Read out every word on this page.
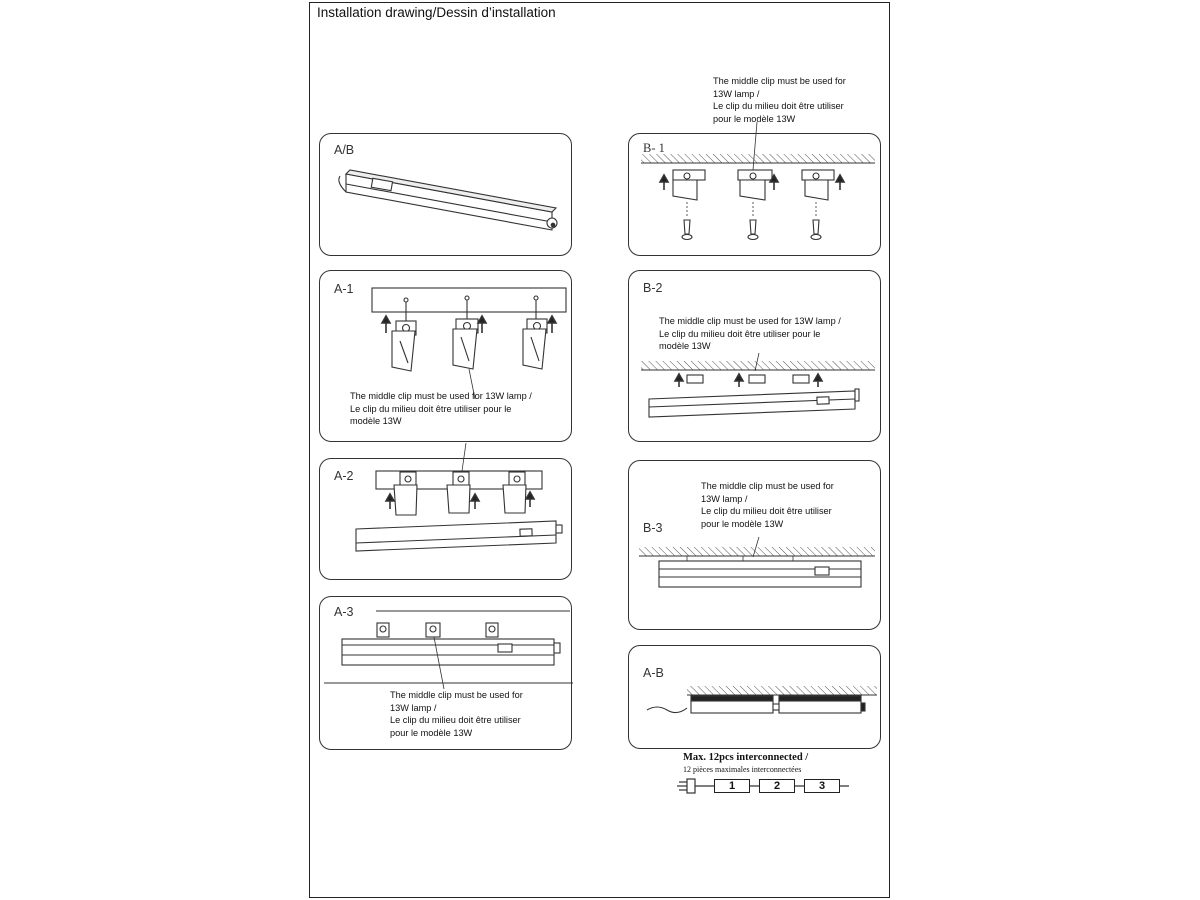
Installation drawing/Dessin d’installation
A/B
A-1
The middle clip must be used for 13W lamp /
Le clip du milieu doit être utiliser pour le
modèle 13W
A-2
A-3
The middle clip must be used for
13W lamp /
Le clip du milieu doit être utiliser
pour le modèle 13W
The middle clip must be used for
13W lamp /
Le clip du milieu doit être utiliser
pour le modèle 13W
B- 1
B-2
The middle clip must be used for 13W lamp /
Le clip du milieu doit être utiliser pour le
modèle 13W
B-3
The middle clip must be used for
13W lamp /
Le clip du milieu doit être utiliser
pour le modèle 13W
A-B
Max. 12pcs interconnected /
12 pièces maximales interconnectées
1	2	3
